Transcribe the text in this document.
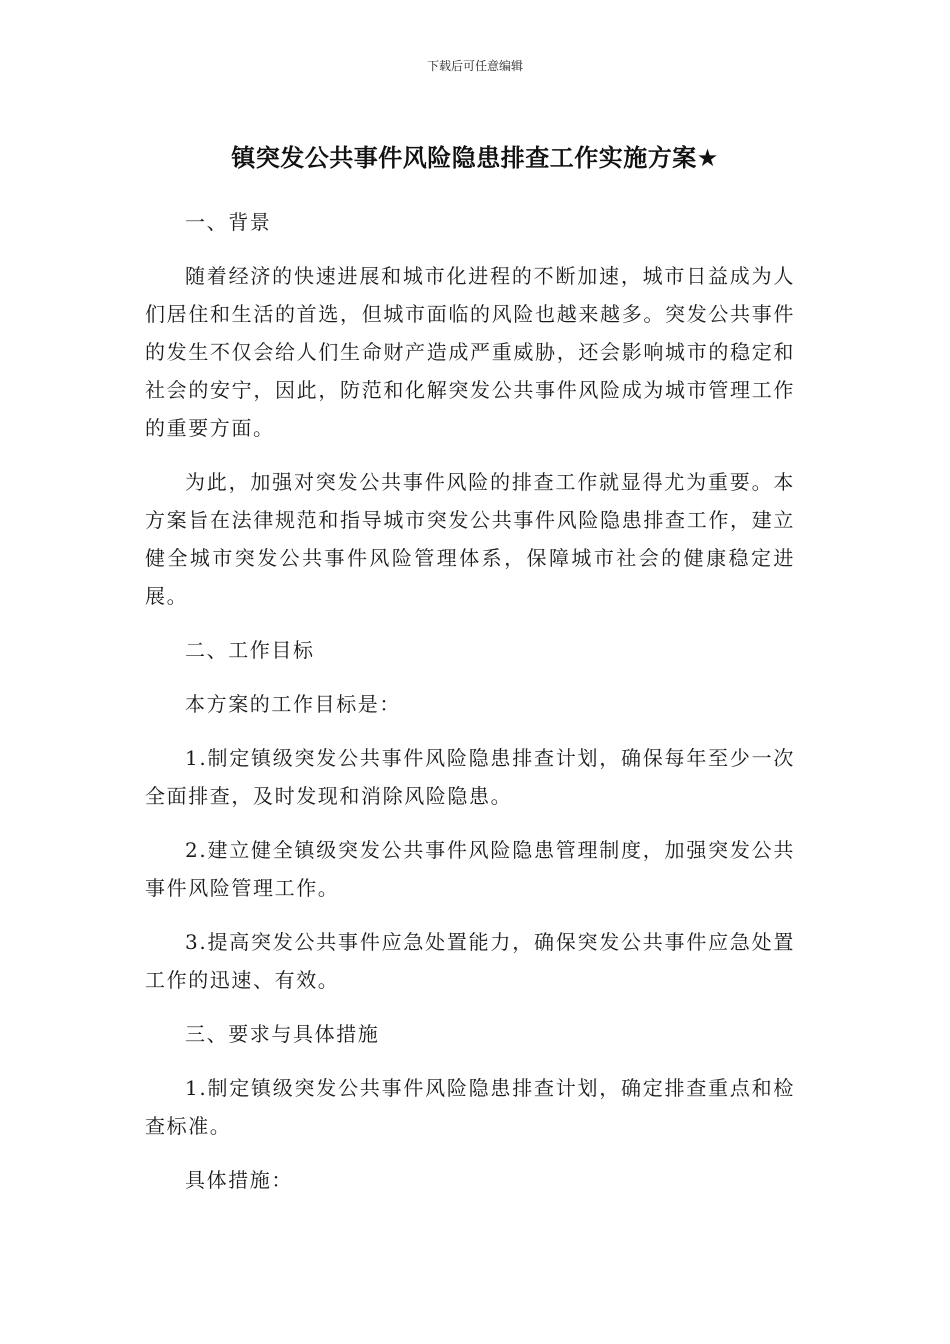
下载后可任意编辑
镇突发公共事件风险隐患排查工作实施方案★

一、背景

随着经济的快速进展和城市化进程的不断加速，城市日益成为人们居住和生活的首选，但城市面临的风险也越来越多。突发公共事件的发生不仅会给人们生命财产造成严重威胁，还会影响城市的稳定和社会的安宁，因此，防范和化解突发公共事件风险成为城市管理工作的重要方面。

为此，加强对突发公共事件风险的排查工作就显得尤为重要。本方案旨在法律规范和指导城市突发公共事件风险隐患排查工作，建立健全城市突发公共事件风险管理体系，保障城市社会的健康稳定进展。

二、工作目标

本方案的工作目标是：

1.制定镇级突发公共事件风险隐患排查计划，确保每年至少一次全面排查，及时发现和消除风险隐患。

2.建立健全镇级突发公共事件风险隐患管理制度，加强突发公共事件风险管理工作。

3.提高突发公共事件应急处置能力，确保突发公共事件应急处置工作的迅速、有效。

三、要求与具体措施

1.制定镇级突发公共事件风险隐患排查计划，确定排查重点和检查标准。

具体措施：
